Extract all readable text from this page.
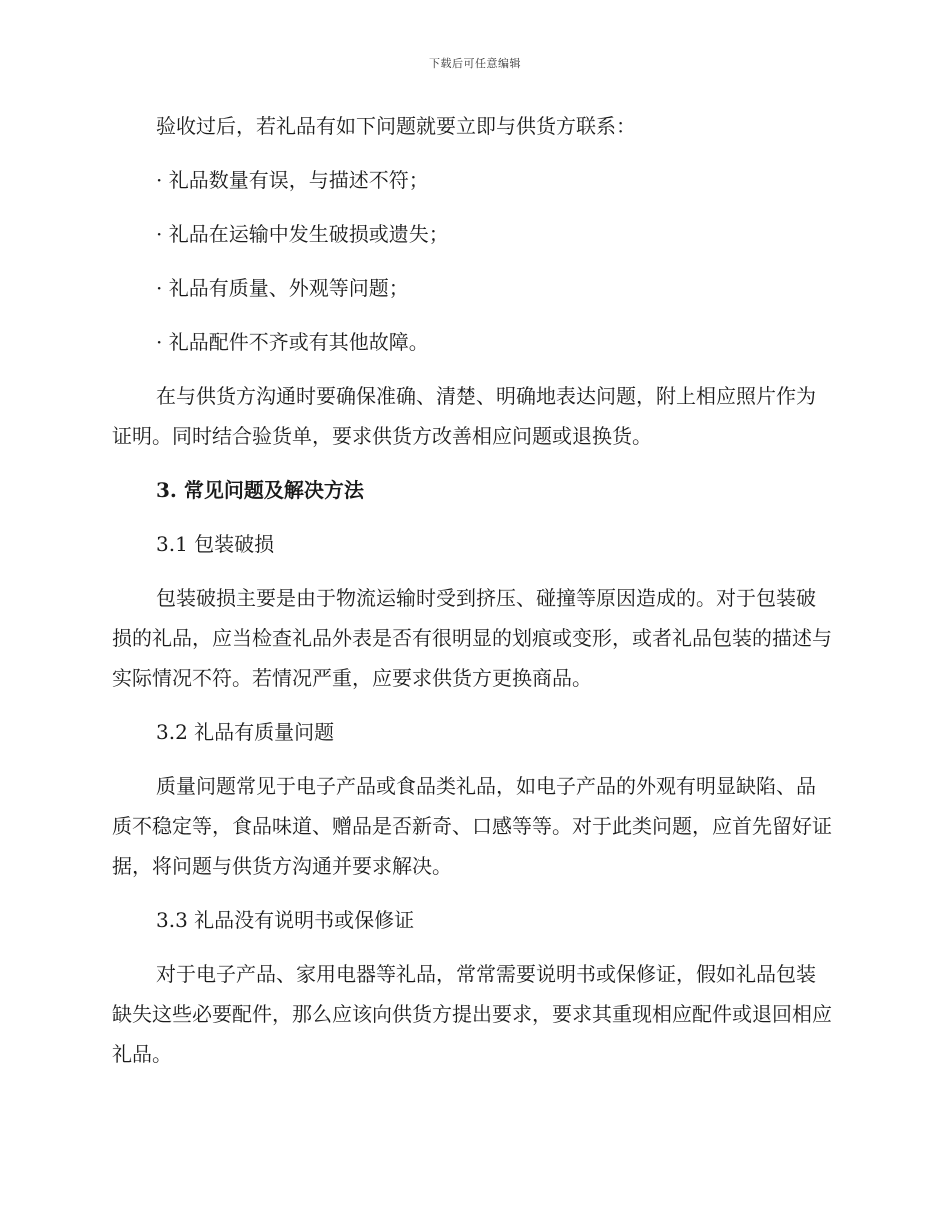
下载后可任意编辑

验收过后，若礼品有如下问题就要立即与供货方联系：

· 礼品数量有误，与描述不符；

· 礼品在运输中发生破损或遗失；

· 礼品有质量、外观等问题；

· 礼品配件不齐或有其他故障。

在与供货方沟通时要确保准确、清楚、明确地表达问题，附上相应照片作为证明。同时结合验货单，要求供货方改善相应问题或退换货。

3. 常见问题及解决方法

3.1 包装破损

包装破损主要是由于物流运输时受到挤压、碰撞等原因造成的。对于包装破损的礼品，应当检查礼品外表是否有很明显的划痕或变形，或者礼品包装的描述与实际情况不符。若情况严重，应要求供货方更换商品。

3.2 礼品有质量问题

质量问题常见于电子产品或食品类礼品，如电子产品的外观有明显缺陷、品质不稳定等，食品味道、赠品是否新奇、口感等等。对于此类问题，应首先留好证据，将问题与供货方沟通并要求解决。

3.3 礼品没有说明书或保修证

对于电子产品、家用电器等礼品，常常需要说明书或保修证，假如礼品包装缺失这些必要配件，那么应该向供货方提出要求，要求其重现相应配件或退回相应礼品。
